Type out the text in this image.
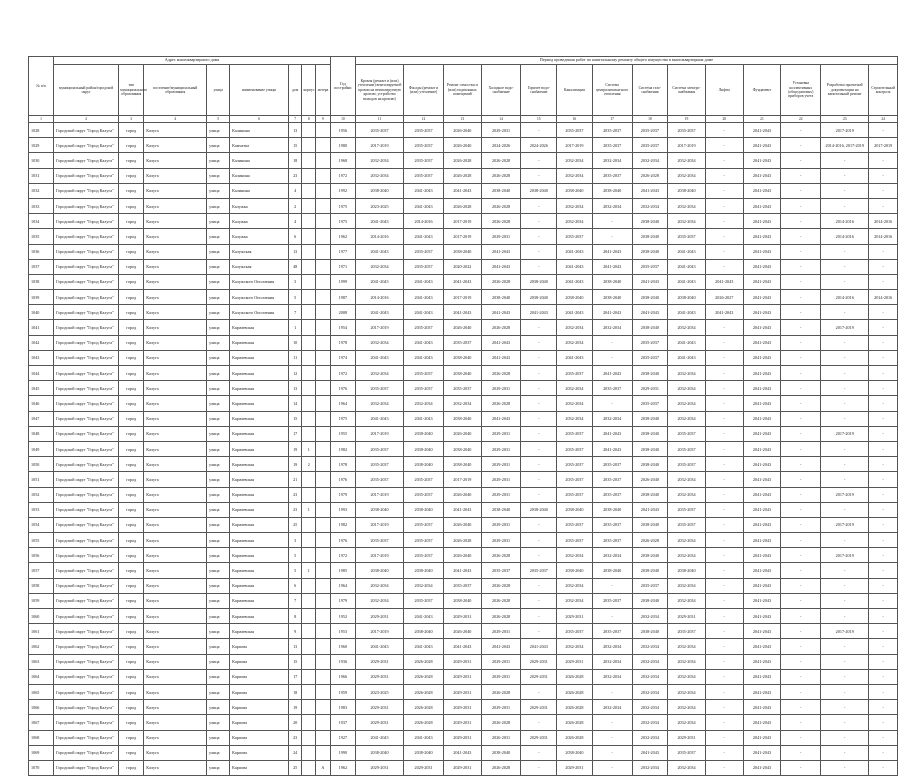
№ п/п	Адрес многоквартирного дома								Год постройки	Период проведения работ по капитальному ремонту общего имущества в многоквартирном доме													
	муниципальный район/городской округ	тип муниципального образования	поселение/муниципальный образования	улица	наименование улицы	дом	корпус	литера		Кровля (ремонт и (или) утепление) вентилируемой кровли на вентилируемую кровлю, устройство выходов на кровлю)	Фасады (ремонт и (или) утепление)	Ремонт отмостки и (или) подвальных помещений	Холодное водо-снабжение	Горячее водо-снабжение	Канализация	Система централизован-ного отопления	Система газо-снабжения	Система электро-снабжения	Лифты	Фундамент	Установка коллективных (общедомовых) приборов учета	Разработка проектной документации на капитальный ремонт	Строительный контроль
1	2	3	4	5	6	7	8	9	10	11	12	13	14	15	16	17	18	19	20	21	22	23	24
1028	Городской округ "Город Калуга"	город	Калуга	улица	Калинина	13			1956	2035-2037	2035-2037	2026-2040	2029-2031	-	2035-2037	2035-2037	2035-2037	2035-2037	-	2041-2043	-	2017-2019	-
1029	Городской округ "Город Калуга"	город	Калуга	улица	Камчатка	15			1980	2017-2019	2035-2037	2026-2040	2024-2026	2024-2026	2017-2019	2035-2037	2035-2037	2017-2019	-	2041-2043	-	2014-2016, 2017-2019	2017-2019
1030	Городской округ "Город Калуга"	город	Калуга	улица	Калинина	18			1968	2032-2034	2035-2037	2026-2028	2026-2028	-	2032-2034	2032-2034	2032-2034	2032-2034	-	2041-2043	-	-	-
1031	Городской округ "Город Калуга"	город	Калуга	улица	Калинина	23			1972	2032-2034	2035-2037	2026-2028	2026-2028	-	2032-2034	2035-2037	2026-2028	2032-2034	-	2041-2043	-	-	-
1032	Городской округ "Город Калуга"	город	Калуга	улица	Калинина	4			1992	2038-2040	2041-2043	2041-2043	2038-2040	2038-2040	2038-2040	2038-2040	2041-2043	2038-2040	-	2041-2043	-	-	-
1033	Городской округ "Город Калуга"	город	Калуга	улица	Калужка	2			1975	2023-2025	2041-2043	2026-2028	2026-2028	-	2032-2034	2032-2034	2032-2034	2032-2034	-	2041-2043	-	-	-
1034	Городской округ "Город Калуга"	город	Калуга	улица	Калужка	4			1975	2041-2043	2014-2016	2017-2019	2026-2028	-	2032-2034	-	2038-2040	2032-2034	-	2041-2043	-	2014-2016	2014-2016
1035	Городской округ "Город Калуга"	город	Калуга	улица	Калужка	6			1962	2014-2016	2041-2043	2017-2019	2029-2031	-	2035-2037	-	2038-2040	2035-2037	-	2041-2043	-	2014-2016	2014-2016
1036	Городской округ "Город Калуга"	город	Калуга	улица	Калужская	13			1977	2041-2043	2035-2037	2038-2040	2041-2043	-	2041-2043	2041-2043	2038-2040	2041-2043	-	2041-2043	-	-	-
1037	Городской округ "Город Калуга"	город	Калуга	улица	Калужская	48			1971	2032-2034	2035-2037	2020-2022	2041-2043	-	2041-2043	2041-2043	2035-2037	2041-2043	-	2041-2043	-	-	-
1038	Городской округ "Город Калуга"	город	Калуга	улица	Калужского Ополчения	3			1999	2041-2043	2041-2043	2041-2043	2026-2028	2038-2040	2041-2043	2038-2040	2041-2043	2041-2043	2041-2043	2041-2043	-	-	-
1039	Городской округ "Город Калуга"	город	Калуга	улица	Калужского Ополчения	5			1987	2014-2016	2041-2043	2017-2019	2038-2040	2038-2040	2038-2040	2038-2040	2038-2040	2038-2040	2026-2027	2041-2043	-	2014-2016	2014-2016
1040	Городской округ "Город Калуга"	город	Калуга	улица	Калужского Ополчения	7			2008	2041-2043	2041-2043	2041-2043	2041-2043	2041-2043	2041-2043	2041-2043	2041-2043	2041-2043	2041-2043	2041-2043	-	-	-
1041	Городской округ "Город Калуга"	город	Калуга	улица	Карачевская	1			1954	2017-2019	2035-2037	2026-2040	2026-2028	-	2032-2034	2032-2034	2038-2040	2032-2034	-	2041-2043	-	2017-2019	-
1042	Городской округ "Город Калуга"	город	Калуга	улица	Карачевская	10			1978	2032-2034	2041-2043	2035-2037	2041-2043	-	2032-2034	-	2035-2037	2041-2043	-	2041-2043	-	-	-
1043	Городской округ "Город Калуга"	город	Калуга	улица	Карачевская	11			1974	2041-2043	2041-2043	2038-2040	2041-2043	-	2041-2043	-	2035-2037	2041-2043	-	2041-2043	-	-	-
1044	Городской округ "Город Калуга"	город	Калуга	улица	Карачевская	12			1972	2032-2034	2035-2037	2038-2040	2026-2028	-	2035-2037	2041-2043	2038-2040	2032-2034	-	2041-2043	-	-	-
1045	Городской округ "Город Калуга"	город	Калуга	улица	Карачевская	13			1976	2035-2037	2035-2037	2035-2037	2029-2031	-	2032-2034	2035-2037	2029-2031	2032-2034	-	2041-2043	-	-	-
1046	Городской округ "Город Калуга"	город	Калуга	улица	Карачевская	14			1964	2032-2034	2032-2034	2032-2034	2026-2028	-	2032-2034	-	2035-2037	2032-2034	-	2041-2043	-	-	-
1047	Городской округ "Город Калуга"	город	Калуга	улица	Карачевская	15			1975	2041-2043	2041-2043	2038-2040	2041-2043	-	2032-2034	2032-2034	2038-2040	2032-2034	-	2041-2043	-	-	-
1048	Городской округ "Город Калуга"	город	Калуга	улица	Карачевская	17			1955	2017-2019	2038-2040	2026-2040	2029-2031	-	2035-2037	2041-2043	2038-2040	2035-2037	-	2041-2043	-	2017-2019	-
1049	Городской округ "Город Калуга"	город	Калуга	улица	Карачевская	19	1		1982	2035-2037	2038-2040	2038-2040	2029-2031	-	2035-2037	2041-2043	2038-2040	2035-2037	-	2041-2043	-	-	-
1050	Городской округ "Город Калуга"	город	Калуга	улица	Карачевская	19	2		1978	2035-2037	2038-2040	2038-2040	2029-2031	-	2035-2037	2035-2037	2038-2040	2035-2037	-	2041-2043	-	-	-
1051	Городской округ "Город Калуга"	город	Калуга	улица	Карачевская	21			1976	2035-2037	2035-2037	2017-2019	2029-2031	-	2035-2037	2035-2037	2026-2040	2032-2034	-	2041-2043	-	-	-
1052	Городской округ "Город Калуга"	город	Калуга	улица	Карачевская	23			1979	2017-2019	2035-2037	2026-2040	2029-2031	-	2035-2037	2035-2037	2038-2040	2032-2034	-	2041-2043	-	2017-2019	-
1053	Городской округ "Город Калуга"	город	Калуга	улица	Карачевская	23	1		1993	2038-2040	2038-2040	2041-2043	2038-2040	2038-2040	2038-2040	2038-2040	2041-2043	2035-2037	-	2041-2043	-	-	-
1054	Городской округ "Город Калуга"	город	Калуга	улица	Карачевская	25			1982	2017-2019	2035-2037	2026-2040	2029-2031	-	2035-2037	2035-2037	2038-2040	2035-2037	-	2041-2043	-	2017-2019	-
1055	Городской округ "Город Калуга"	город	Калуга	улица	Карачевская	3			1976	2035-2037	2035-2037	2026-2028	2029-2031	-	2035-2037	2035-2037	2026-2028	2032-2034	-	2041-2043	-	-	-
1056	Городской округ "Город Калуга"	город	Калуга	улица	Карачевская	5			1972	2017-2019	2035-2037	2026-2040	2026-2028	-	2032-2034	2032-2034	2038-2040	2032-2034	-	2041-2043	-	2017-2019	-
1057	Городской округ "Город Калуга"	город	Калуга	улица	Карачевская	5	1		1985	2038-2040	2038-2040	2041-2043	2035-2037	2035-2037	2038-2040	2038-2040	2038-2040	2038-2040	-	2041-2043	-	-	-
1058	Городской округ "Город Калуга"	город	Калуга	улица	Карачевская	6			1964	2032-2034	2032-2034	2035-2037	2026-2028	-	2032-2034	-	2035-2037	2032-2034	-	2041-2043	-	-	-
1059	Городской округ "Город Калуга"	город	Калуга	улица	Карачевская	7			1979	2032-2034	2035-2037	2038-2040	2026-2028	-	2032-2034	2035-2037	2038-2040	2032-2034	-	2041-2043	-	-	-
1060	Городской округ "Город Калуга"	город	Калуга	улица	Карачевская	8			1952	2029-2031	2041-2043	2029-2031	2026-2028	-	2029-2031	-	2032-2034	2029-2031	-	2041-2043	-	-	-
1061	Городской округ "Город Калуга"	город	Калуга	улица	Карачевская	9			1953	2017-2019	2038-2040	2026-2040	2029-2031	-	2035-2037	2035-2037	2038-2040	2035-2037	-	2041-2043	-	2017-2019	-
1062	Городской округ "Город Калуга"	город	Калуга	улица	Карпова	13			1960	2041-2043	2041-2043	2041-2043	2041-2043	2041-2043	2032-2034	2032-2034	2032-2034	2032-2034	-	2041-2043	-	-	-
1063	Городской округ "Город Калуга"	город	Калуга	улица	Карпова	15			1936	2029-2031	2026-2028	2029-2031	2029-2031	2029-2031	2029-2031	2032-2034	2032-2034	2032-2034	-	2041-2043	-	-	-
1064	Городской округ "Город Калуга"	город	Калуга	улица	Карпова	17			1966	2029-2031	2026-2028	2029-2031	2029-2031	2029-2031	2026-2028	2032-2034	2032-2034	2032-2034	-	2041-2043	-	-	-
1065	Городской округ "Город Калуга"	город	Калуга	улица	Карпова	18			1959	2023-2025	2026-2028	2029-2031	2026-2028	-	2026-2028	-	2032-2034	2032-2034	-	2041-2043	-	-	-
1066	Городской округ "Город Калуга"	город	Калуга	улица	Карпова	19			1983	2029-2031	2026-2028	2029-2031	2029-2031	2029-2031	2026-2028	2032-2034	2032-2034	2032-2034	-	2041-2043	-	-	-
1067	Городской округ "Город Калуга"	город	Калуга	улица	Карпова	20			1937	2029-2031	2026-2028	2029-2031	2026-2028	-	2026-2028	-	2032-2034	2032-2034	-	2041-2043	-	-	-
1068	Городской округ "Город Калуга"	город	Калуга	улица	Карпова	23			1927	2041-2043	2041-2043	2029-2031	2026-2031	2029-2031	2026-2028	-	2032-2034	2029-2031	-	2041-2043	-	-	-
1069	Городской округ "Город Калуга"	город	Калуга	улица	Карпова	24			1990	2038-2040	2038-2040	2041-2043	2038-2040	-	2038-2040	-	2041-2043	2035-2037	-	2041-2043	-	-	-
1070	Городской округ "Город Калуга"	город	Калуга	улица	Карпова	25		А	1962	2029-2031	2029-2031	2029-2031	2026-2028	-	2029-2031	-	2032-2034	2032-2034	-	2041-2043	-	-	-
